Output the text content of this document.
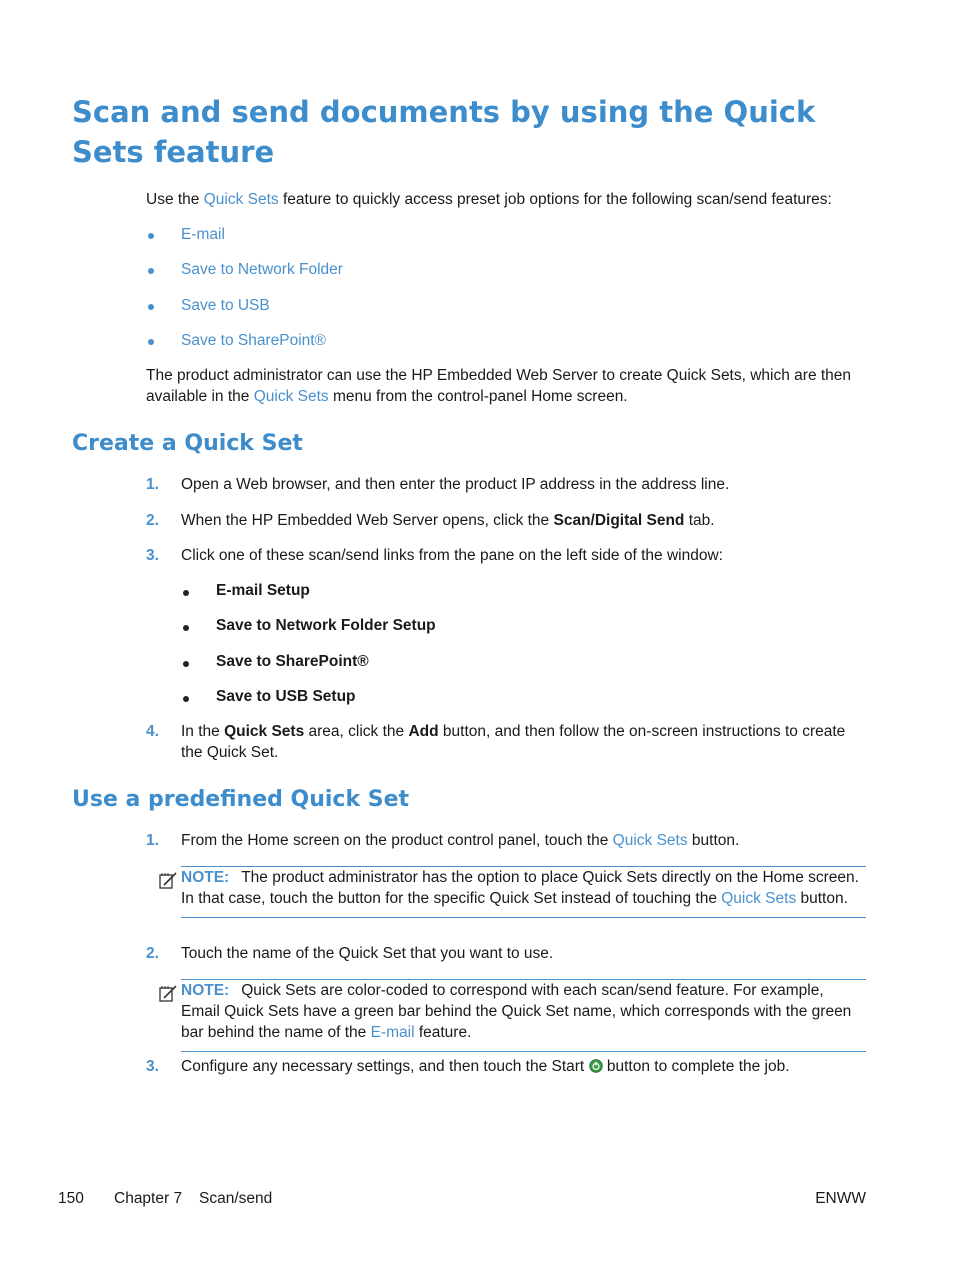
Scan and send documents by using the Quick Sets feature
Use the Quick Sets feature to quickly access preset job options for the following scan/send features:
E-mail
Save to Network Folder
Save to USB
Save to SharePoint®
The product administrator can use the HP Embedded Web Server to create Quick Sets, which are then available in the Quick Sets menu from the control-panel Home screen.
Create a Quick Set
1. Open a Web browser, and then enter the product IP address in the address line.
2. When the HP Embedded Web Server opens, click the Scan/Digital Send tab.
3. Click one of these scan/send links from the pane on the left side of the window:
E-mail Setup
Save to Network Folder Setup
Save to SharePoint®
Save to USB Setup
4. In the Quick Sets area, click the Add button, and then follow the on-screen instructions to create the Quick Set.
Use a predefined Quick Set
1. From the Home screen on the product control panel, touch the Quick Sets button.
NOTE: The product administrator has the option to place Quick Sets directly on the Home screen. In that case, touch the button for the specific Quick Set instead of touching the Quick Sets button.
2. Touch the name of the Quick Set that you want to use.
NOTE: Quick Sets are color-coded to correspond with each scan/send feature. For example, Email Quick Sets have a green bar behind the Quick Set name, which corresponds with the green bar behind the name of the E-mail feature.
3. Configure any necessary settings, and then touch the Start  button to complete the job.
150 Chapter 7 Scan/send	ENWW
